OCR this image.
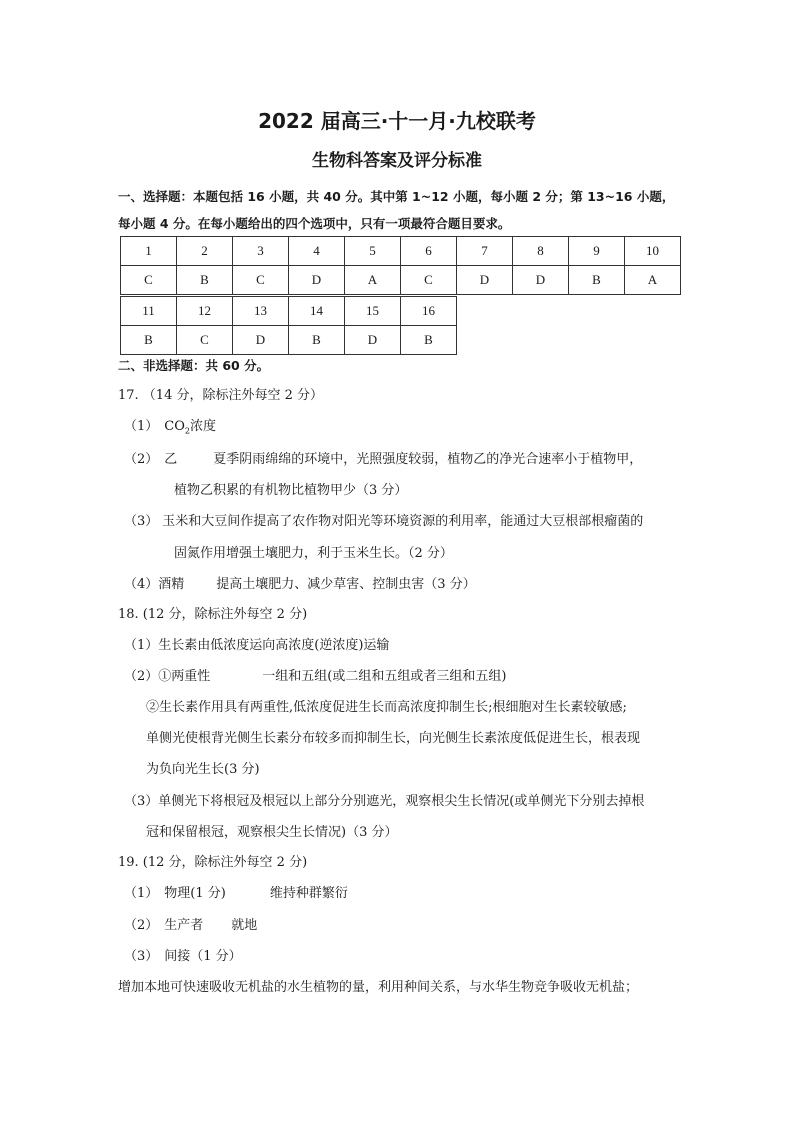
2022 届高三·十一月·九校联考
生物科答案及评分标准
一、选择题：本题包括 16 小题，共 40 分。其中第 1~12 小题，每小题 2 分；第 13~16 小题，
每小题 4 分。在每小题给出的四个选项中，只有一项最符合题目要求。
1	2	3	4	5	6	7	8	9	10
C	B	C	D	A	C	D	D	B	A
11	12	13	14	15	16
B	C	D	B	D	B
二、非选择题：共 60 分。
17. （14 分，除标注外每空 2 分）
（1） $CO_2$浓度
（2） 乙	夏季阴雨绵绵的环境中，光照强度较弱，植物乙的净光合速率小于植物甲，
植物乙积累的有机物比植物甲少（3 分）
（3） 玉米和大豆间作提高了农作物对阳光等环境资源的利用率，能通过大豆根部根瘤菌的
固氮作用增强土壤肥力，利于玉米生长。（2 分）
（4）酒精 提高土壤肥力、减少草害、控制虫害（3 分）
18. (12 分，除标注外每空 2 分)
（1）生长素由低浓度运向高浓度(逆浓度)运输
（2）①两重性	一组和五组(或二组和五组或者三组和五组)
②生长素作用具有两重性,低浓度促进生长而高浓度抑制生长;根细胞对生长素较敏感;
单侧光使根背光侧生长素分布较多而抑制生长，向光侧生长素浓度低促进生长，根表现
为负向光生长(3 分)
（3）单侧光下将根冠及根冠以上部分分别遮光，观察根尖生长情况(或单侧光下分别去掉根
冠和保留根冠，观察根尖生长情况)（3 分）
19. (12 分，除标注外每空 2 分)
（1） 物理(1 分)	维持种群繁衍
（2） 生产者 就地
（3） 间接（1 分）
增加本地可快速吸收无机盐的水生植物的量，利用种间关系，与水华生物竞争吸收无机盐；
